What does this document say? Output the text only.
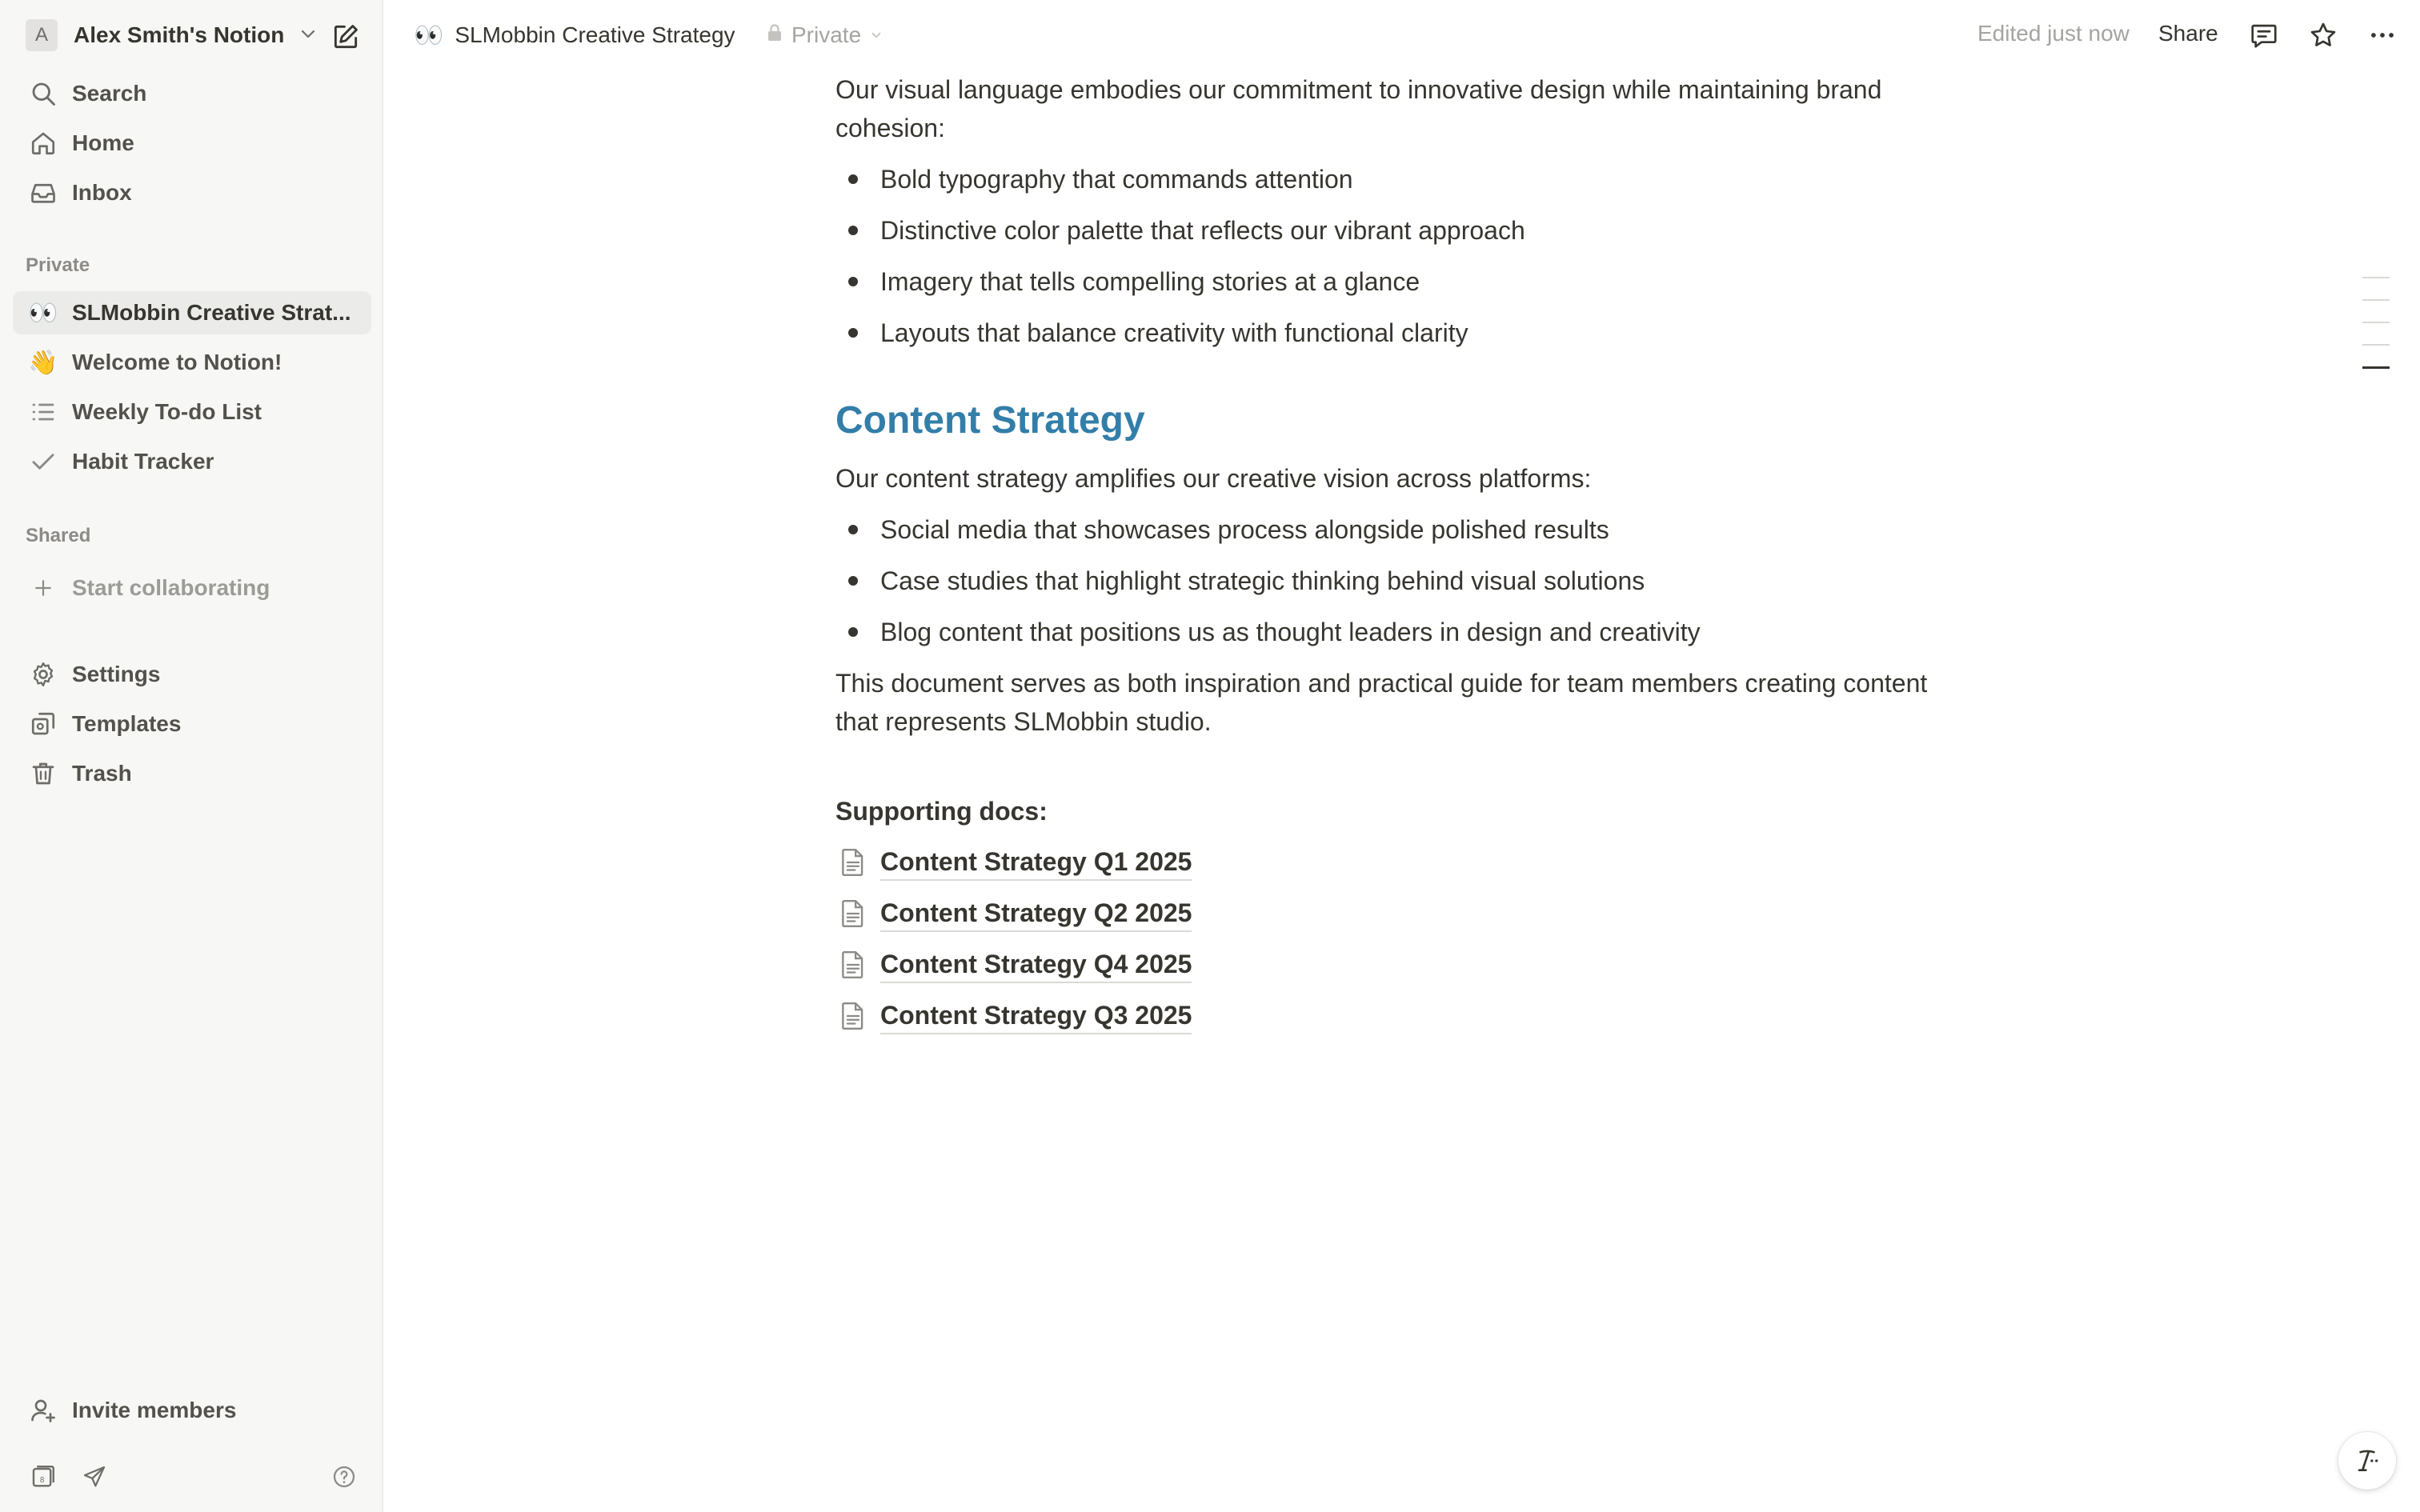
A	Alex Smith's Notion
Search
Home
Inbox
Private
👀 SLMobbin Creative Strat...
👋 Welcome to Notion!
Weekly To-do List
Habit Tracker
Shared
Start collaborating
Settings
Templates
Trash
Invite members
8
👀 SLMobbin Creative Strategy	Private	Edited just now Share

Our visual language embodies our commitment to innovative design while maintaining brand cohesion:

Bold typography that commands attention
Distinctive color palette that reflects our vibrant approach
Imagery that tells compelling stories at a glance
Layouts that balance creativity with functional clarity
Content Strategy

Our content strategy amplifies our creative vision across platforms:

Social media that showcases process alongside polished results
Case studies that highlight strategic thinking behind visual solutions
Blog content that positions us as thought leaders in design and creativity

This document serves as both inspiration and practical guide for team members creating content that represents SLMobbin studio.

Supporting docs:

Content Strategy Q1 2025
Content Strategy Q2 2025
Content Strategy Q4 2025
Content Strategy Q3 2025
